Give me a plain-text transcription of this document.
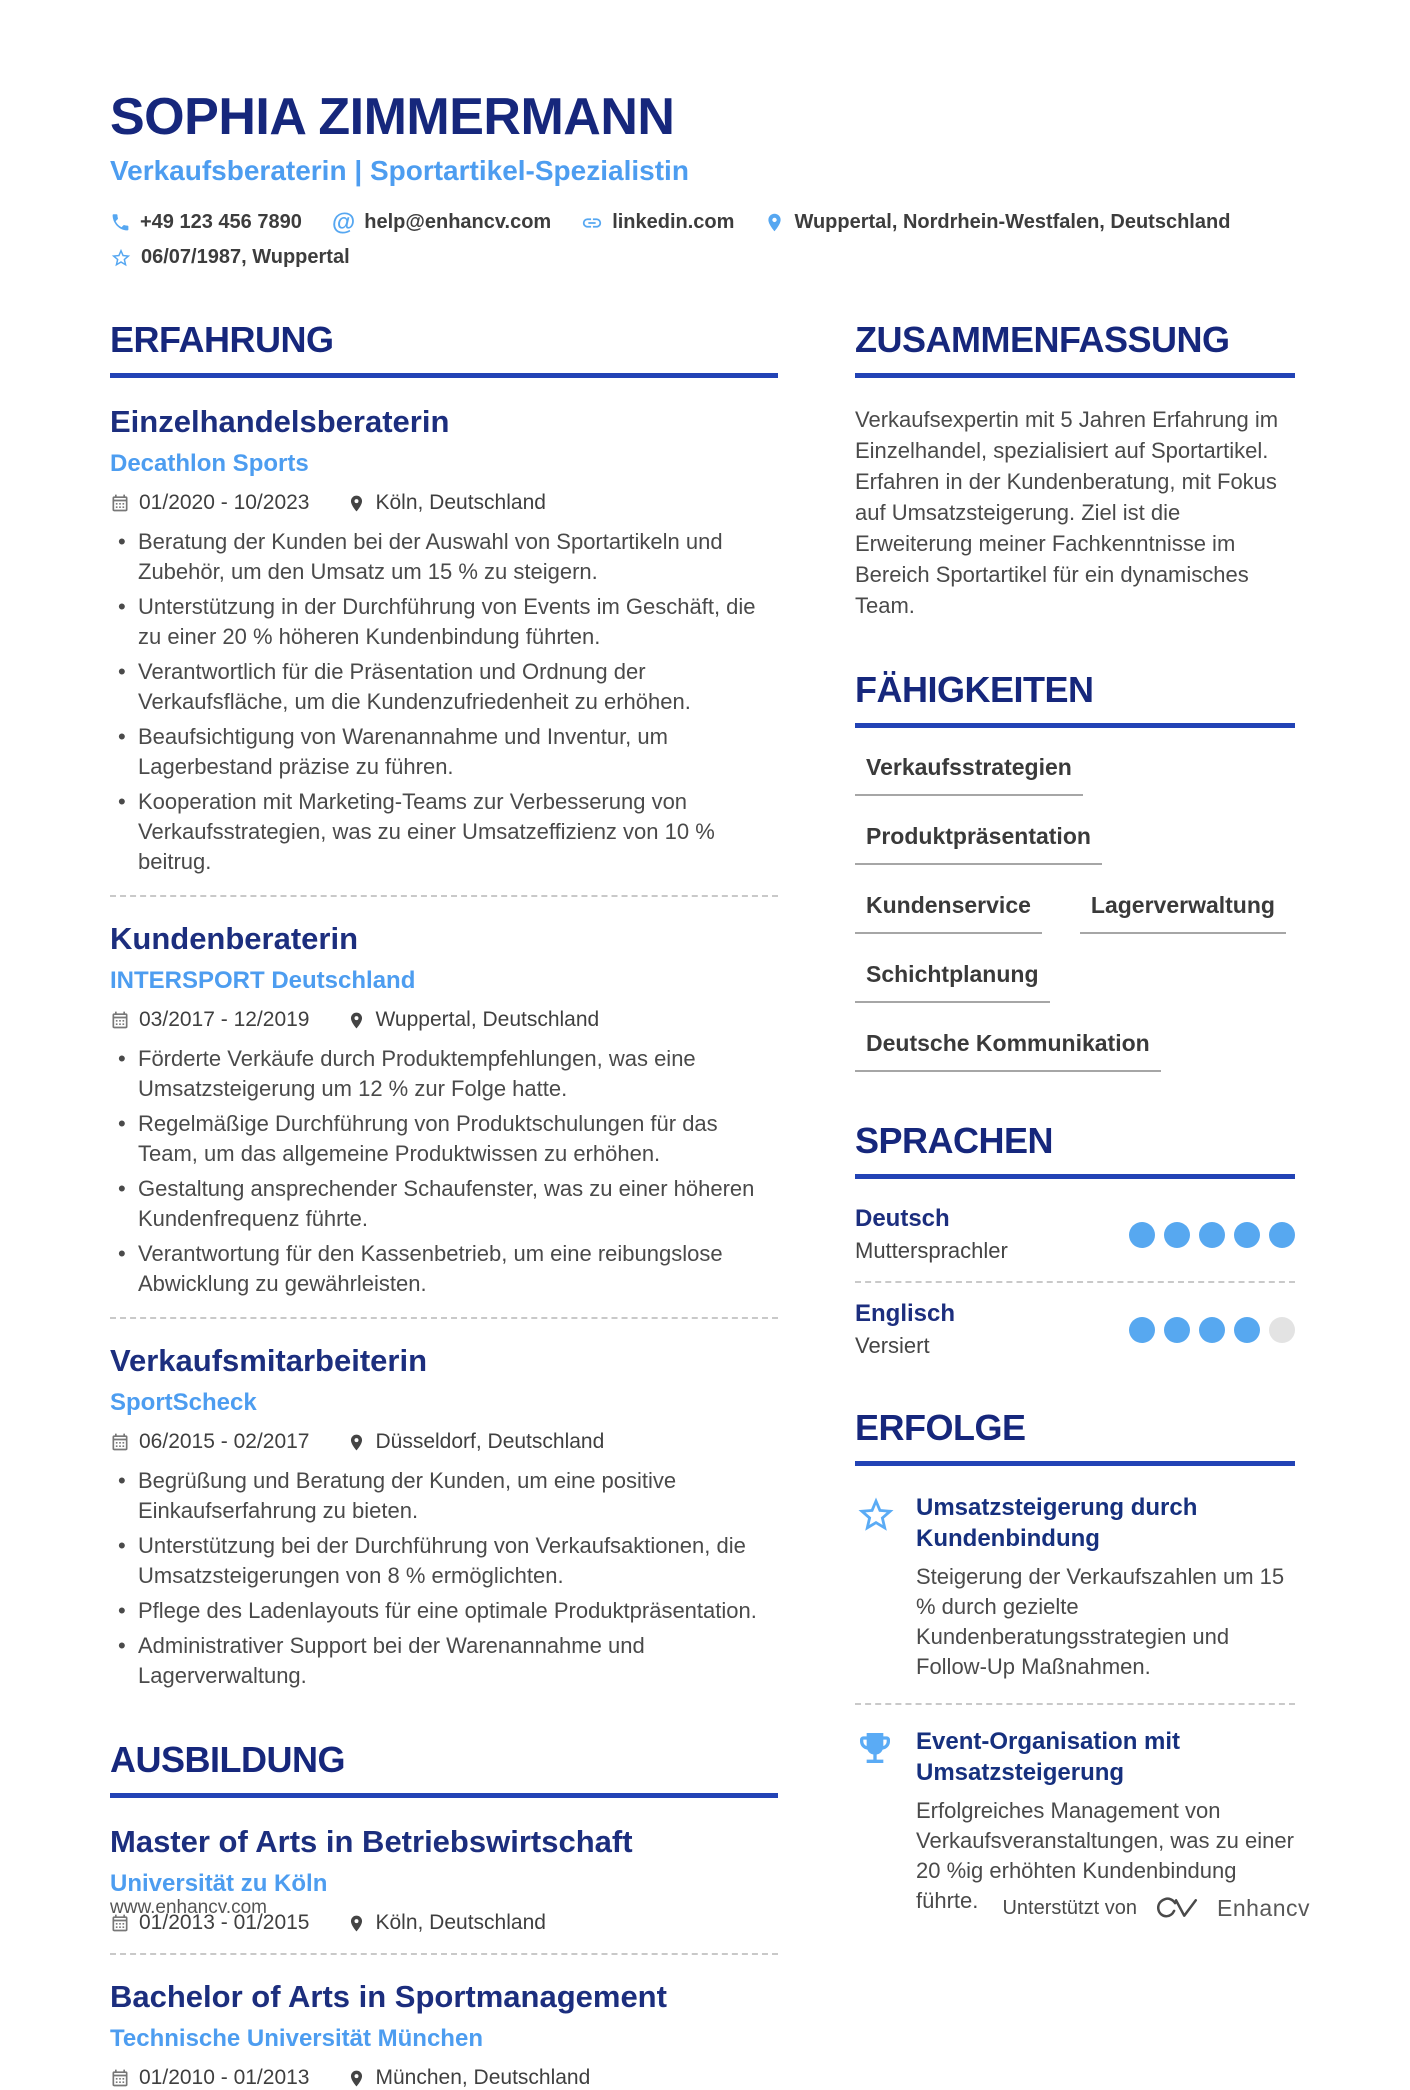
SOPHIA ZIMMERMANN
Verkaufsberaterin | Sportartikel-Spezialistin
+49 123 456 7890 @ help@enhancv.com	linkedin.com	Wuppertal, Nordrhein-Westfalen, Deutschland
06/07/1987, Wuppertal
ERFAHRUNG
Einzelhandelsberaterin
Decathlon Sports
01/2020 - 10/2023	Köln, Deutschland
• Beratung der Kunden bei der Auswahl von Sportartikeln und Zubehör, um den Umsatz um 15 % zu steigern.
• Unterstützung in der Durchführung von Events im Geschäft, die zu einer 20 % höheren Kundenbindung führten.
• Verantwortlich für die Präsentation und Ordnung der Verkaufsfläche, um die Kundenzufriedenheit zu erhöhen.
• Beaufsichtigung von Warenannahme und Inventur, um Lagerbestand präzise zu führen.
• Kooperation mit Marketing-Teams zur Verbesserung von Verkaufsstrategien, was zu einer Umsatzeffizienz von 10 % beitrug.
Kundenberaterin
INTERSPORT Deutschland
03/2017 - 12/2019	Wuppertal, Deutschland
• Förderte Verkäufe durch Produktempfehlungen, was eine Umsatzsteigerung um 12 % zur Folge hatte.
• Regelmäßige Durchführung von Produktschulungen für das Team, um das allgemeine Produktwissen zu erhöhen.
• Gestaltung ansprechender Schaufenster, was zu einer höheren Kundenfrequenz führte.
• Verantwortung für den Kassenbetrieb, um eine reibungslose Abwicklung zu gewährleisten.
Verkaufsmitarbeiterin
SportScheck
06/2015 - 02/2017	Düsseldorf, Deutschland
• Begrüßung und Beratung der Kunden, um eine positive Einkaufserfahrung zu bieten.
• Unterstützung bei der Durchführung von Verkaufsaktionen, die Umsatzsteigerungen von 8 % ermöglichten.
• Pflege des Ladenlayouts für eine optimale Produktpräsentation.
• Administrativer Support bei der Warenannahme und Lagerverwaltung.
AUSBILDUNG
Master of Arts in Betriebswirtschaft
Universität zu Köln
01/2013 - 01/2015	Köln, Deutschland
Bachelor of Arts in Sportmanagement
Technische Universität München
01/2010 - 01/2013	München, Deutschland
ZUSAMMENFASSUNG
Verkaufsexpertin mit 5 Jahren Erfahrung im Einzelhandel, spezialisiert auf Sportartikel. Erfahren in der Kundenberatung, mit Fokus auf Umsatzsteigerung. Ziel ist die Erweiterung meiner Fachkenntnisse im Bereich Sportartikel für ein dynamisches Team.
FÄHIGKEITEN
Verkaufsstrategien
Produktpräsentation
Kundenservice	Lagerverwaltung
Schichtplanung
Deutsche Kommunikation
SPRACHEN
Deutsch
Muttersprachler
Englisch
Versiert
ERFOLGE
Umsatzsteigerung durch Kundenbindung
Steigerung der Verkaufszahlen um 15 % durch gezielte Kundenberatungsstrategien und Follow-Up Maßnahmen.
Event-Organisation mit Umsatzsteigerung
Erfolgreiches Management von Verkaufsveranstaltungen, was zu einer 20 %ig erhöhten Kundenbindung führte.
www.enhancv.com	Unterstützt von	Enhancv
